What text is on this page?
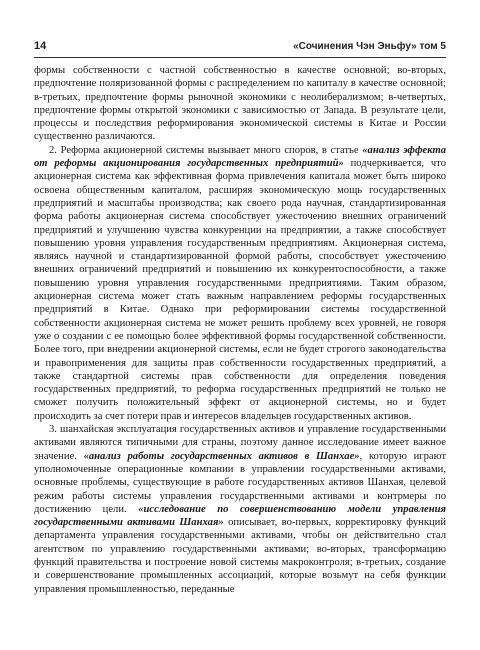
14	«Сочинения Чэн Эньфу» том 5

формы собственности с частной собственностью в качестве основной; во-вторых, предпочтение поляризованной формы с распределением по капиталу в качестве основной; в-третьих, предпочтение формы рыночной экономики с неолиберализмом; в-четвертых, предпочтение формы открытой экономики с зависимостью от Запада. В результате цели, процессы и последствия реформирования экономической системы в Китае и России существенно различаются.

2. Реформа акционерной системы вызывает много споров, в статье «анализ эффекта от реформы акционирования государственных предприятий» подчеркивается, что акционерная система как эффективная форма привлечения капитала может быть широко освоена общественным капиталом, расширяя экономическую мощь государственных предприятий и масштабы производства; как своего рода научная, стандартизированная форма работы акционерная система способствует ужесточению внешних ограничений предприятий и улучшению чувства конкуренции на предприятии, а также способствует повышению уровня управления государственным предприятиям. Акционерная система, являясь научной и стандартизированной формой работы, способствует ужесточению внешних ограничений предприятий и повышению их конкурентоспособности, а также повышению уровня управления государственными предприятиями. Таким образом, акционерная система может стать важным направлением реформы государственных предприятий в Китае. Однако при реформировании системы государственной собственности акционерная система не может решить проблему всех уровней, не говоря уже о создании с ее помощью более эффективной формы государственной собственности. Более того, при внедрении акционерной системы, если не будет строгого законодательства и правоприменения для защиты прав собственности государственных предприятий, а также стандартной системы прав собственности для определения поведения государственных предприятий, то реформа государственных предприятий не только не сможет получить положительный эффект от акционерной системы, но и будет происходить за счет потери прав и интересов владельцев государственных активов.

3. шанхайская эксплуатация государственных активов и управление государственными активами являются типичными для страны, поэтому данное исследование имеет важное значение. «анализ работы государственных активов в Шанхае», которую играют уполномоченные операционные компании в управлении государственными активами, основные проблемы, существующие в работе государственных активов Шанхая, целевой режим работы системы управления государственными активами и контрмеры по достижению цели. «исследование по совершенствованию модели управления государственными активами Шанхая» описывает, во-первых, корректировку функций департамента управления государственными активами, чтобы он действительно стал агентством по управлению государственными активами; во-вторых, трансформацию функций правительства и построение новой системы макроконтроля; в-третьих, создание и совершенствование промышленных ассоциаций, которые возьмут на себя функции управления промышленностью, переданные
